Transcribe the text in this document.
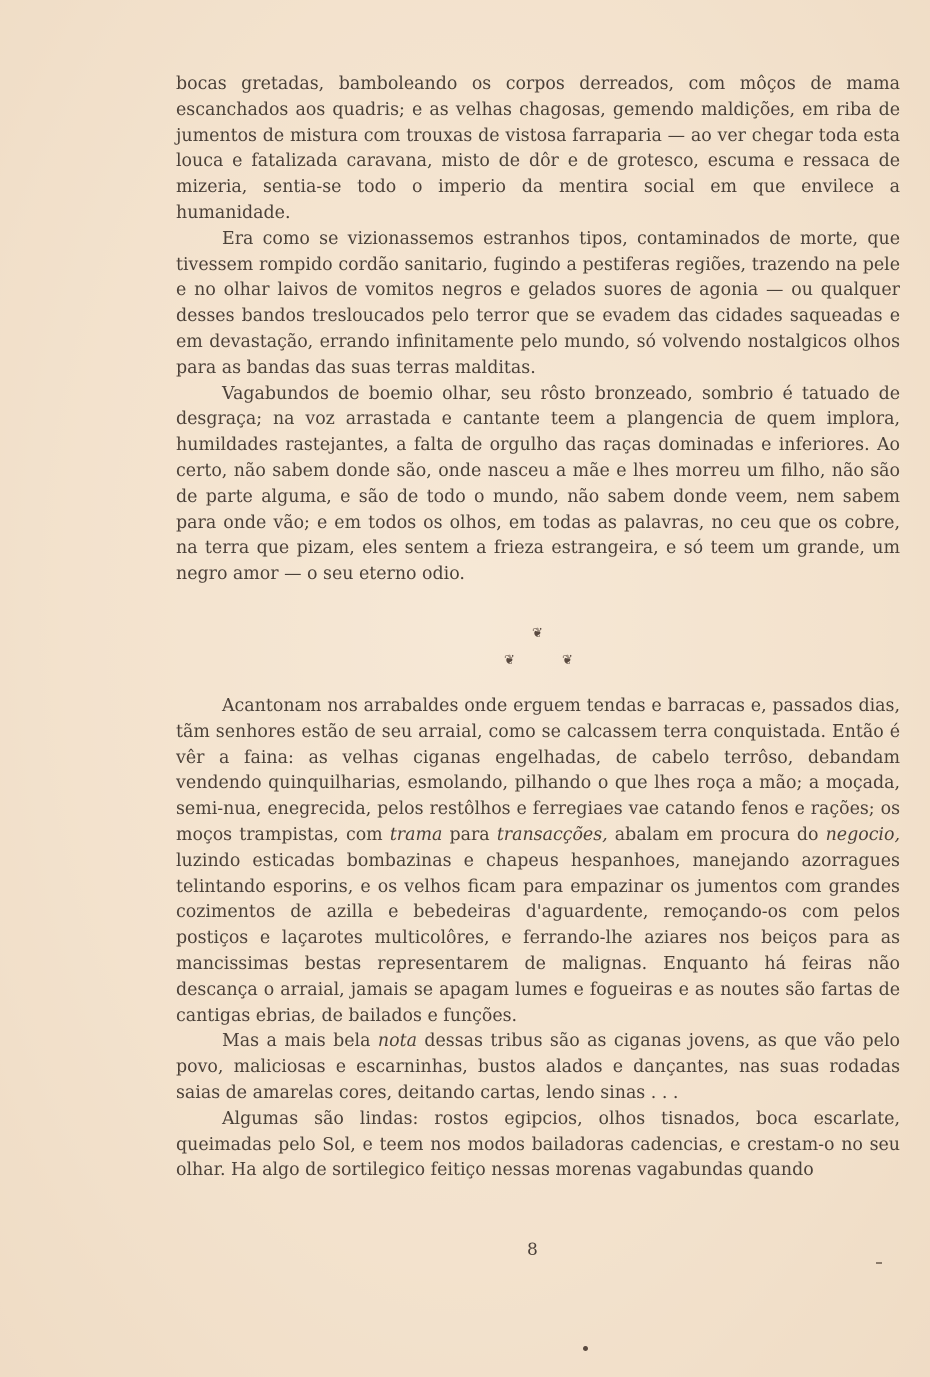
bocas gretadas, bamboleando os corpos derreados, com môços de mama escanchados aos quadris; e as velhas chagosas, gemendo maldições, em riba de jumentos de mistura com trouxas de vistosa farraparia — ao ver chegar toda esta louca e fatalizada caravana, misto de dôr e de grotesco, escuma e ressaca de mizeria, sentia-se todo o imperio da mentira social em que envilece a humanidade.

Era como se vizionassemos estranhos tipos, contaminados de morte, que tivessem rompido cordão sanitario, fugindo a pestiferas regiões, trazendo na pele e no olhar laivos de vomitos negros e gelados suores de agonia — ou qualquer desses bandos tresloucados pelo terror que se evadem das cidades saqueadas e em devastação, errando infinitamente pelo mundo, só volvendo nostalgicos olhos para as bandas das suas terras malditas.

Vagabundos de boemio olhar, seu rôsto bronzeado, sombrio é tatuado de desgraça; na voz arrastada e cantante teem a plangencia de quem implora, humildades rastejantes, a falta de orgulho das raças dominadas e inferiores. Ao certo, não sabem donde são, onde nasceu a mãe e lhes morreu um filho, não são de parte alguma, e são de todo o mundo, não sabem donde veem, nem sabem para onde vão; e em todos os olhos, em todas as palavras, no ceu que os cobre, na terra que pizam, eles sentem a frieza estrangeira, e só teem um grande, um negro amor — o seu eterno odio.

❦
❦	❦

Acantonam nos arrabaldes onde erguem tendas e barracas e, passados dias, tãm senhores estão de seu arraial, como se calcassem terra conquistada. Então é vêr a faina: as velhas ciganas engelhadas, de cabelo terrôso, debandam vendendo quinquilharias, esmolando, pilhando o que lhes roça a mão; a moçada, semi-nua, enegrecida, pelos restôlhos e ferregiaes vae catando fenos e rações; os moços trampistas, com trama para transacções, abalam em procura do negocio, luzindo esticadas bombazinas e chapeus hespanhoes, manejando azorragues telintando esporins, e os velhos ficam para empazinar os jumentos com grandes cozimentos de azilla e bebedeiras d'aguardente, remoçando-os com pelos postiços e laçarotes multicolôres, e ferrando-lhe aziares nos beiços para as mancissimas bestas representarem de malignas. Enquanto há feiras não descança o arraial, jamais se apagam lumes e fogueiras e as noutes são fartas de cantigas ebrias, de bailados e funções.

Mas a mais bela nota dessas tribus são as ciganas jovens, as que vão pelo povo, maliciosas e escarninhas, bustos alados e dançantes, nas suas rodadas saias de amarelas cores, deitando cartas, lendo sinas . . .

Algumas são lindas: rostos egipcios, olhos tisnados, boca escarlate, queimadas pelo Sol, e teem nos modos bailadoras cadencias, e crestam-o no seu olhar. Ha algo de sortilegico feitiço nessas morenas vagabundas quando

8
